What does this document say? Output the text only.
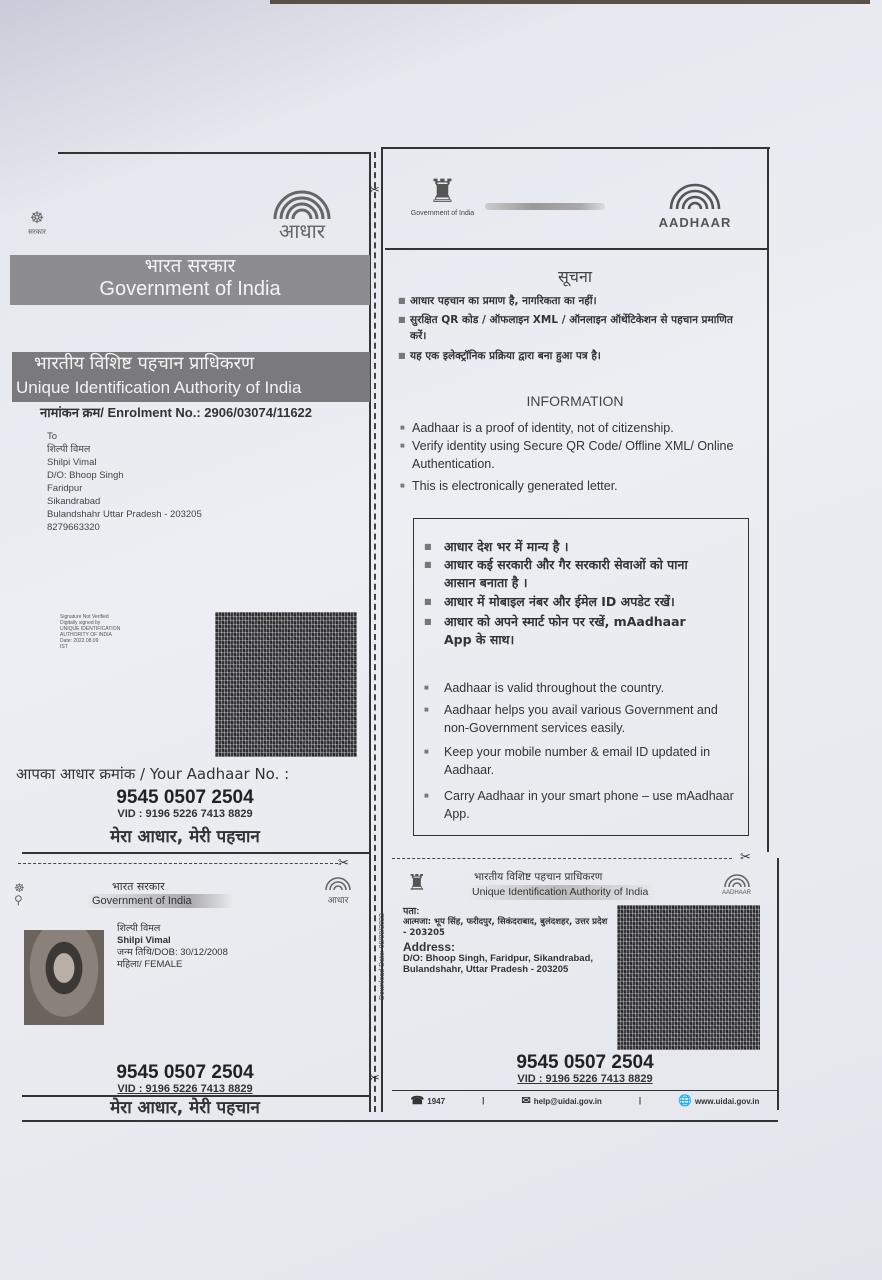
✂
✂
☸
सरकार	आधार
भारत सरकार
Government of India
भारतीय विशिष्ट पहचान प्राधिकरण
Unique Identification Authority of India
नामांकन क्रम/ Enrolment No.: 2906/03074/11622
To
शिल्पी विमल
Shilpi Vimal
D/O: Bhoop Singh
Faridpur
Sikandrabad
Bulandshahr Uttar Pradesh - 203205
8279663320
Signature Not Verified
Digitally signed by
UNIQUE IDENTIFICATION
AUTHORITY OF INDIA
Date: 2022.08.09
IST
आपका आधार क्रमांक / Your Aadhaar No. :
9545 0507 2504
VID : 9196 5226 7413 8829
मेरा आधार, मेरी पहचान
✂	✂
☸
⚲
भारत सरकार
Government of India	आधार
शिल्पी विमल
Shilpi Vimal
जन्म तिथि/DOB: 30/12/2008
महिला/ FEMALE
9545 0507 2504
VID : 9196 5226 7413 8829
मेरा आधार, मेरी पहचान
♜
Government of India
AADHAAR
सूचना
■ आधार पहचान का प्रमाण है, नागरिकता का नहीं।
■ सुरक्षित QR कोड / ऑफलाइन XML / ऑनलाइन ऑथेंटिकेशन से पहचान प्रमाणित करें।
■ यह एक इलेक्ट्रॉनिक प्रक्रिया द्वारा बना हुआ पत्र है।
INFORMATION
■ Aadhaar is a proof of identity, not of citizenship.
■ Verify identity using Secure QR Code/ Offline XML/ Online Authentication.
■ This is electronically generated letter.
■ आधार देश भर में मान्य है ।
■ आधार कई सरकारी और गैर सरकारी सेवाओं को पाना आसान बनाता है ।
■ आधार में मोबाइल नंबर और ईमेल ID अपडेट रखें।
■ आधार को अपने स्मार्ट फोन पर रखें, mAadhaar App के साथ।
■ Aadhaar is valid throughout the country.
■ Aadhaar helps you avail various Government and non-Government services easily.
■ Keep your mobile number & email ID updated in Aadhaar.
■ Carry Aadhaar in your smart phone – use mAadhaar App.
♜	भारतीय विशिष्ट पहचान प्राधिकरण
Unique Identification Authority of India	AADHAAR
पता:
आत्मजा: भूप सिंह, फरीदपुर, सिकंदराबाद, बुलंदशहर, उत्तर प्रदेश - 203205
Address:
D/O: Bhoop Singh, Faridpur, Sikandrabad, Bulandshahr, Uttar Pradesh - 203205
Download Date: 09/08/2022
9545 0507 2504
VID : 9196 5226 7413 8829
☎ 1947	|	✉ help@uidai.gov.in	|	🌐 www.uidai.gov.in
